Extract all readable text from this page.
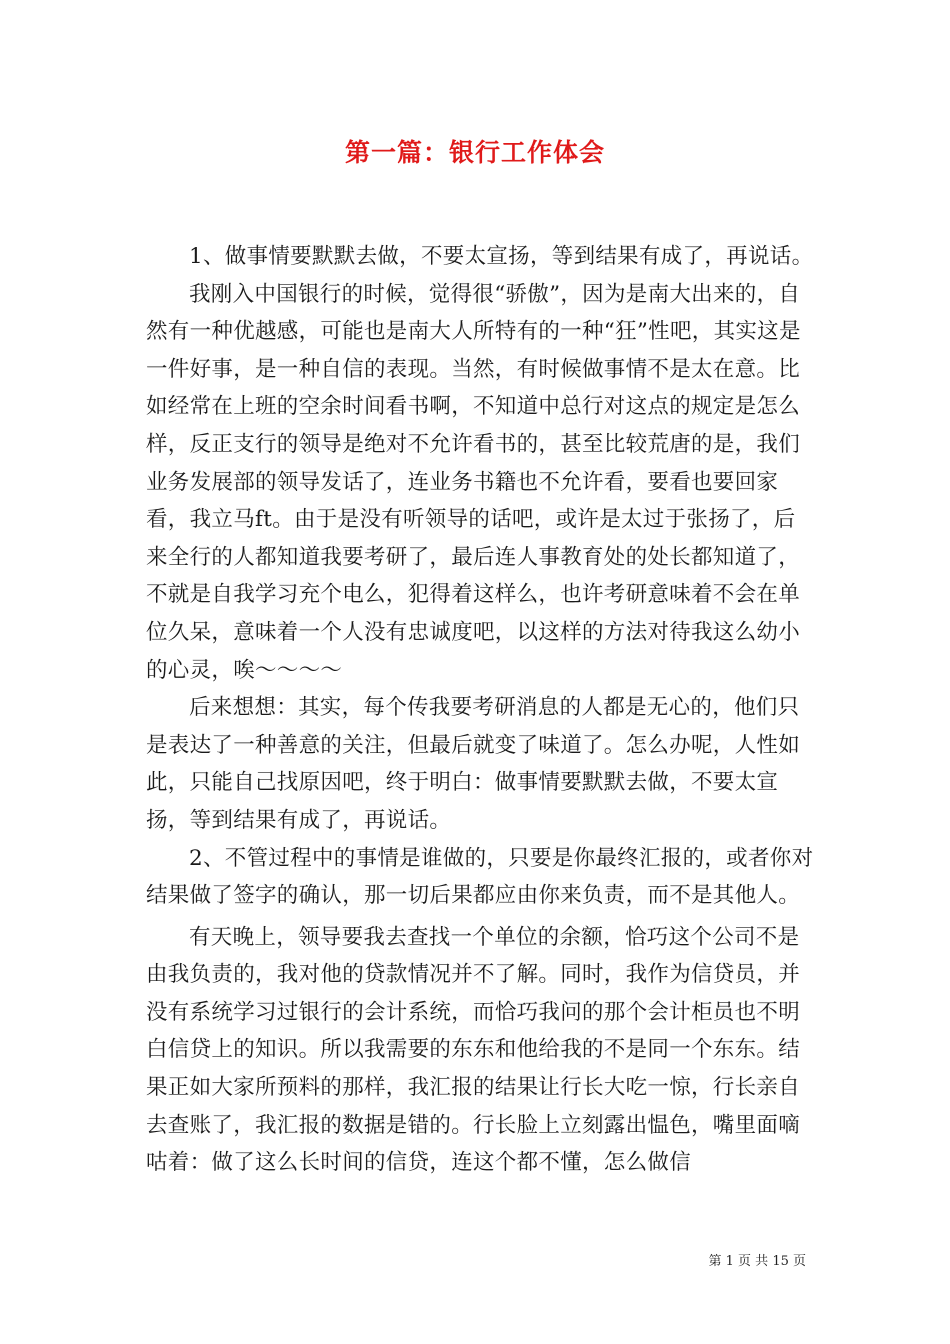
第一篇：银行工作体会

1、做事情要默默去做，不要太宣扬，等到结果有成了，再说话。

我刚入中国银行的时候，觉得很“骄傲”，因为是南大出来的，自然有一种优越感，可能也是南大人所特有的一种“狂”性吧，其实这是一件好事，是一种自信的表现。当然，有时候做事情不是太在意。比如经常在上班的空余时间看书啊，不知道中总行对这点的规定是怎么样，反正支行的领导是绝对不允许看书的，甚至比较荒唐的是，我们业务发展部的领导发话了，连业务书籍也不允许看，要看也要回家看，我立马ft。由于是没有听领导的话吧，或许是太过于张扬了，后来全行的人都知道我要考研了，最后连人事教育处的处长都知道了，不就是自我学习充个电么，犯得着这样么，也许考研意味着不会在单位久呆，意味着一个人没有忠诚度吧，以这样的方法对待我这么幼小的心灵，唉～～～～

后来想想：其实，每个传我要考研消息的人都是无心的，他们只是表达了一种善意的关注，但最后就变了味道了。怎么办呢，人性如此，只能自己找原因吧，终于明白：做事情要默默去做，不要太宣扬，等到结果有成了，再说话。

2、不管过程中的事情是谁做的，只要是你最终汇报的，或者你对结果做了签字的确认，那一切后果都应由你来负责，而不是其他人。

有天晚上，领导要我去查找一个单位的余额，恰巧这个公司不是由我负责的，我对他的贷款情况并不了解。同时，我作为信贷员，并没有系统学习过银行的会计系统，而恰巧我问的那个会计柜员也不明白信贷上的知识。所以我需要的东东和他给我的不是同一个东东。结果正如大家所预料的那样，我汇报的结果让行长大吃一惊，行长亲自去查账了，我汇报的数据是错的。行长脸上立刻露出愠色，嘴里面嘀咕着：做了这么长时间的信贷，连这个都不懂，怎么做信

第 1 页 共 15 页
